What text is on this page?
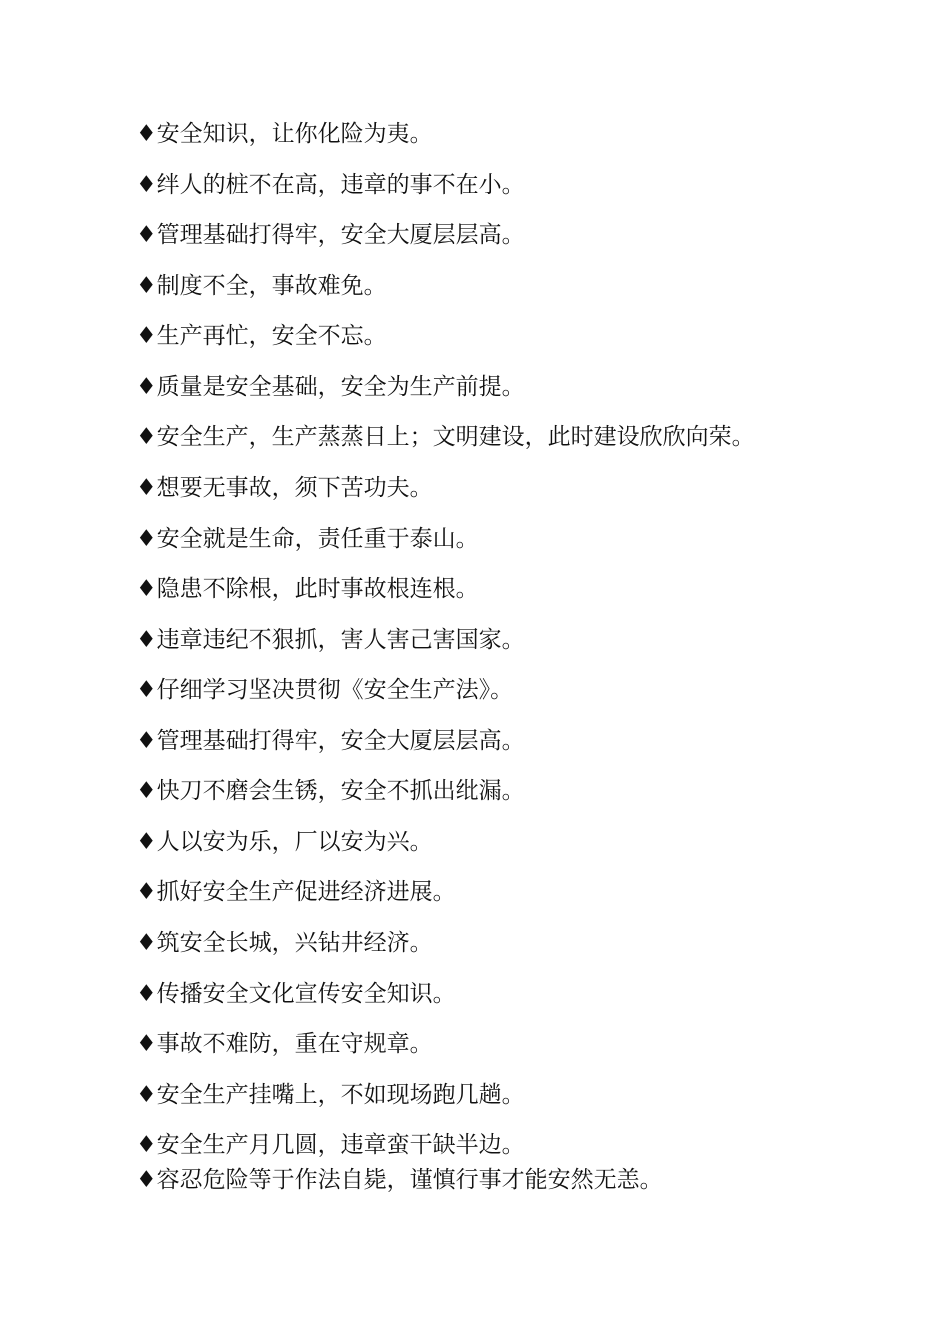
♦安全知识，让你化险为夷。
♦绊人的桩不在高，违章的事不在小。
♦管理基础打得牢，安全大厦层层高。
♦制度不全，事故难免。
♦生产再忙，安全不忘。
♦质量是安全基础，安全为生产前提。
♦安全生产，生产蒸蒸日上；文明建设，此时建设欣欣向荣。
♦想要无事故，须下苦功夫。
♦安全就是生命，责任重于泰山。
♦隐患不除根，此时事故根连根。
♦违章违纪不狠抓，害人害己害国家。
♦仔细学习坚决贯彻《安全生产法》。
♦管理基础打得牢，安全大厦层层高。
♦快刀不磨会生锈，安全不抓出纰漏。
♦人以安为乐，厂以安为兴。
♦抓好安全生产促进经济进展。
♦筑安全长城，兴钻井经济。
♦传播安全文化宣传安全知识。
♦事故不难防，重在守规章。
♦安全生产挂嘴上，不如现场跑几趟。
♦安全生产月几圆，违章蛮干缺半边。
♦容忍危险等于作法自毙，谨慎行事才能安然无恙。
